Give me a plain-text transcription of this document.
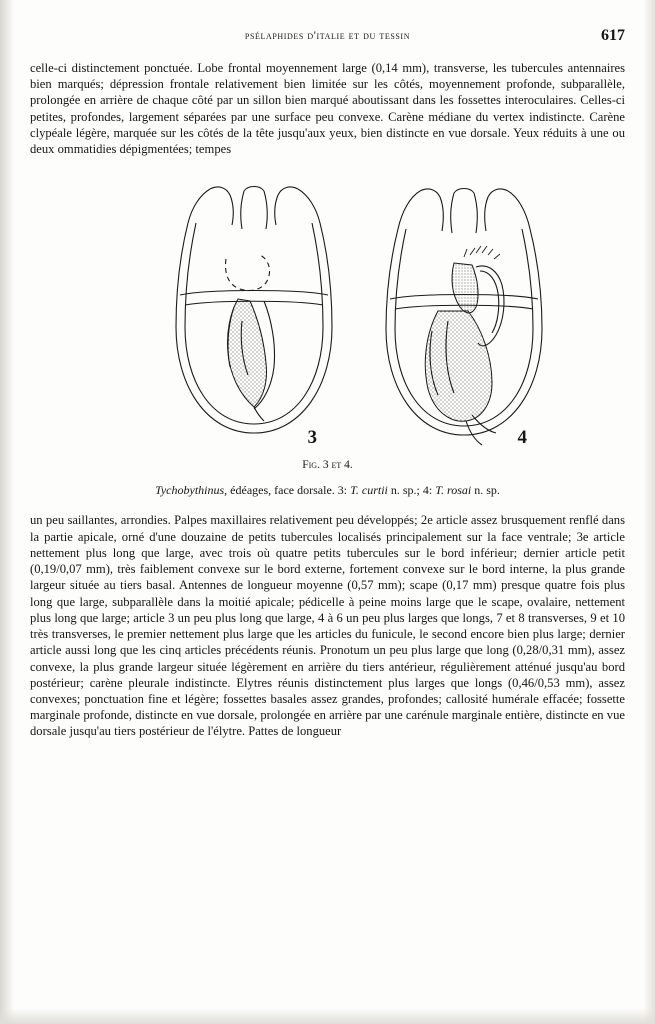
psélaphides d'italie et du tessin	617

celle-ci distinctement ponctuée. Lobe frontal moyennement large (0,14 mm), transverse, les tubercules antennaires bien marqués; dépression frontale relativement bien limitée sur les côtés, moyennement profonde, subparallèle, prolongée en arrière de chaque côté par un sillon bien marqué aboutissant dans les fossettes interoculaires. Celles-ci petites, profondes, largement séparées par une surface peu convexe. Carène médiane du vertex indistincte. Carène clypéale légère, marquée sur les côtés de la tête jusqu'aux yeux, bien distincte en vue dorsale. Yeux réduits à une ou deux ommatidies dépigmentées; tempes

3	4
Fig. 3 et 4.
Tychobythinus, édéages, face dorsale. 3: T. curtii n. sp.; 4: T. rosai n. sp.

un peu saillantes, arrondies. Palpes maxillaires relativement peu développés; 2e article assez brusquement renflé dans la partie apicale, orné d'une douzaine de petits tubercules localisés principalement sur la face ventrale; 3e article nettement plus long que large, avec trois où quatre petits tubercules sur le bord inférieur; dernier article petit (0,19/0,07 mm), très faiblement convexe sur le bord externe, fortement convexe sur le bord interne, la plus grande largeur située au tiers basal. Antennes de longueur moyenne (0,57 mm); scape (0,17 mm) presque quatre fois plus long que large, subparallèle dans la moitié apicale; pédicelle à peine moins large que le scape, ovalaire, nettement plus long que large; article 3 un peu plus long que large, 4 à 6 un peu plus larges que longs, 7 et 8 transverses, 9 et 10 très transverses, le premier nettement plus large que les articles du funicule, le second encore bien plus large; dernier article aussi long que les cinq articles précédents réunis. Pronotum un peu plus large que long (0,28/0,31 mm), assez convexe, la plus grande largeur située légèrement en arrière du tiers antérieur, régulièrement atténué jusqu'au bord postérieur; carène pleurale indistincte. Elytres réunis distinctement plus larges que longs (0,46/0,53 mm), assez convexes; ponctuation fine et légère; fossettes basales assez grandes, profondes; callosité humérale effacée; fossette marginale profonde, distincte en vue dorsale, prolongée en arrière par une carénule marginale entière, distincte en vue dorsale jusqu'au tiers postérieur de l'élytre. Pattes de longueur
